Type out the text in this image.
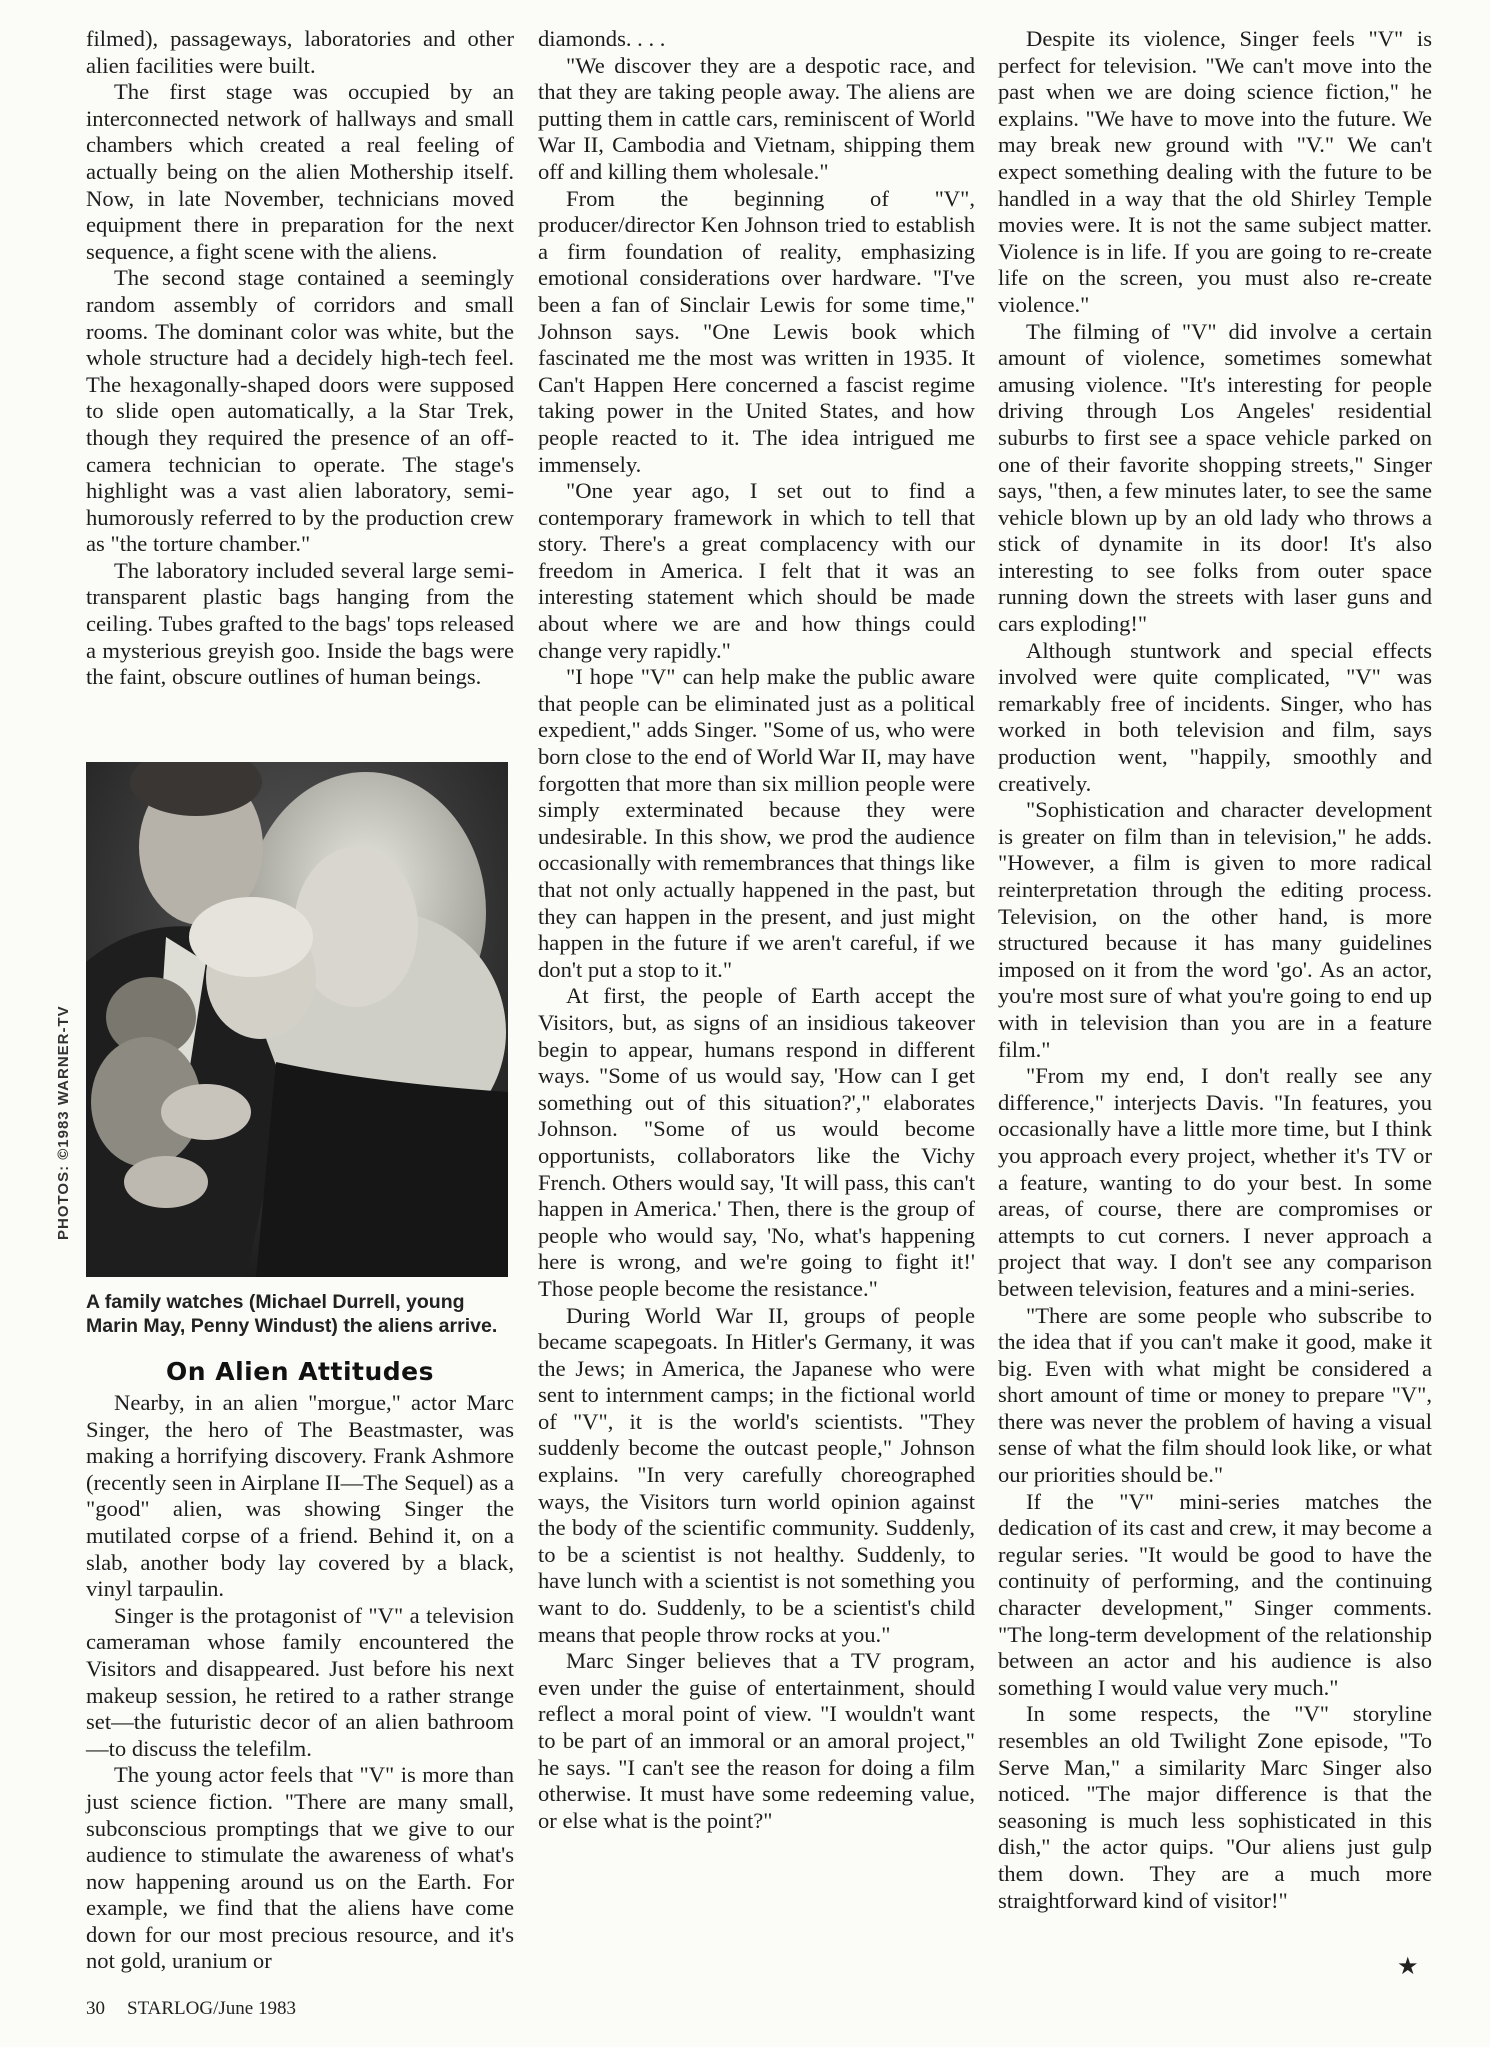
filmed), passageways, laboratories and other alien facilities were built.

The first stage was occupied by an interconnected network of hallways and small chambers which created a real feeling of actually being on the alien Mothership itself. Now, in late November, technicians moved equipment there in preparation for the next sequence, a fight scene with the aliens.

The second stage contained a seemingly random assembly of corridors and small rooms. The dominant color was white, but the whole structure had a decidely high-tech feel. The hexagonally-shaped doors were supposed to slide open automatically, a la Star Trek, though they required the presence of an off-camera technician to operate. The stage's highlight was a vast alien laboratory, semi-humorously referred to by the production crew as "the torture chamber."

The laboratory included several large semi-transparent plastic bags hanging from the ceiling. Tubes grafted to the bags' tops released a mysterious greyish goo. Inside the bags were the faint, obscure outlines of human beings.

PHOTOS: ©1983 WARNER-TV
A family watches (Michael Durrell, young Marin May, Penny Windust) the aliens arrive.
On Alien Attitudes

Nearby, in an alien "morgue," actor Marc Singer, the hero of The Beastmaster, was making a horrifying discovery. Frank Ashmore (recently seen in Airplane II—The Sequel) as a "good" alien, was showing Singer the mutilated corpse of a friend. Behind it, on a slab, another body lay covered by a black, vinyl tarpaulin.

Singer is the protagonist of "V" a television cameraman whose family encountered the Visitors and disappeared. Just before his next makeup session, he retired to a rather strange set—the futuristic decor of an alien bathroom—to discuss the telefilm.

The young actor feels that "V" is more than just science fiction. "There are many small, subconscious promptings that we give to our audience to stimulate the awareness of what's now happening around us on the Earth. For example, we find that the aliens have come down for our most precious resource, and it's not gold, uranium or

diamonds. . . .

"We discover they are a despotic race, and that they are taking people away. The aliens are putting them in cattle cars, reminiscent of World War II, Cambodia and Vietnam, shipping them off and killing them wholesale."

From the beginning of "V", producer/director Ken Johnson tried to establish a firm foundation of reality, emphasizing emotional considerations over hardware. "I've been a fan of Sinclair Lewis for some time," Johnson says. "One Lewis book which fascinated me the most was written in 1935. It Can't Happen Here concerned a fascist regime taking power in the United States, and how people reacted to it. The idea intrigued me immensely.

"One year ago, I set out to find a contemporary framework in which to tell that story. There's a great complacency with our freedom in America. I felt that it was an interesting statement which should be made about where we are and how things could change very rapidly."

"I hope "V" can help make the public aware that people can be eliminated just as a political expedient," adds Singer. "Some of us, who were born close to the end of World War II, may have forgotten that more than six million people were simply exterminated because they were undesirable. In this show, we prod the audience occasionally with remembrances that things like that not only actually happened in the past, but they can happen in the present, and just might happen in the future if we aren't careful, if we don't put a stop to it."

At first, the people of Earth accept the Visitors, but, as signs of an insidious takeover begin to appear, humans respond in different ways. "Some of us would say, 'How can I get something out of this situation?'," elaborates Johnson. "Some of us would become opportunists, collaborators like the Vichy French. Others would say, 'It will pass, this can't happen in America.' Then, there is the group of people who would say, 'No, what's happening here is wrong, and we're going to fight it!' Those people become the resistance."

During World War II, groups of people became scapegoats. In Hitler's Germany, it was the Jews; in America, the Japanese who were sent to internment camps; in the fictional world of "V", it is the world's scientists. "They suddenly become the outcast people," Johnson explains. "In very carefully choreographed ways, the Visitors turn world opinion against the body of the scientific community. Suddenly, to be a scientist is not healthy. Suddenly, to have lunch with a scientist is not something you want to do. Suddenly, to be a scientist's child means that people throw rocks at you."

Marc Singer believes that a TV program, even under the guise of entertainment, should reflect a moral point of view. "I wouldn't want to be part of an immoral or an amoral project," he says. "I can't see the reason for doing a film otherwise. It must have some redeeming value, or else what is the point?"

Despite its violence, Singer feels "V" is perfect for television. "We can't move into the past when we are doing science fiction," he explains. "We have to move into the future. We may break new ground with "V." We can't expect something dealing with the future to be handled in a way that the old Shirley Temple movies were. It is not the same subject matter. Violence is in life. If you are going to re-create life on the screen, you must also re-create violence."

The filming of "V" did involve a certain amount of violence, sometimes somewhat amusing violence. "It's interesting for people driving through Los Angeles' residential suburbs to first see a space vehicle parked on one of their favorite shopping streets," Singer says, "then, a few minutes later, to see the same vehicle blown up by an old lady who throws a stick of dynamite in its door! It's also interesting to see folks from outer space running down the streets with laser guns and cars exploding!"

Although stuntwork and special effects involved were quite complicated, "V" was remarkably free of incidents. Singer, who has worked in both television and film, says production went, "happily, smoothly and creatively.

"Sophistication and character development is greater on film than in television," he adds. "However, a film is given to more radical reinterpretation through the editing process. Television, on the other hand, is more structured because it has many guidelines imposed on it from the word 'go'. As an actor, you're most sure of what you're going to end up with in television than you are in a feature film."

"From my end, I don't really see any difference," interjects Davis. "In features, you occasionally have a little more time, but I think you approach every project, whether it's TV or a feature, wanting to do your best. In some areas, of course, there are compromises or attempts to cut corners. I never approach a project that way. I don't see any comparison between television, features and a mini-series.

"There are some people who subscribe to the idea that if you can't make it good, make it big. Even with what might be considered a short amount of time or money to prepare "V", there was never the problem of having a visual sense of what the film should look like, or what our priorities should be."

If the "V" mini-series matches the dedication of its cast and crew, it may become a regular series. "It would be good to have the continuity of performing, and the continuing character development," Singer comments. "The long-term development of the relationship between an actor and his audience is also something I would value very much."

In some respects, the "V" storyline resembles an old Twilight Zone episode, "To Serve Man," a similarity Marc Singer also noticed. "The major difference is that the seasoning is much less sophisticated in this dish," the actor quips. "Our aliens just gulp them down. They are a much more straightforward kind of visitor!"

★
30 STARLOG/June 1983
